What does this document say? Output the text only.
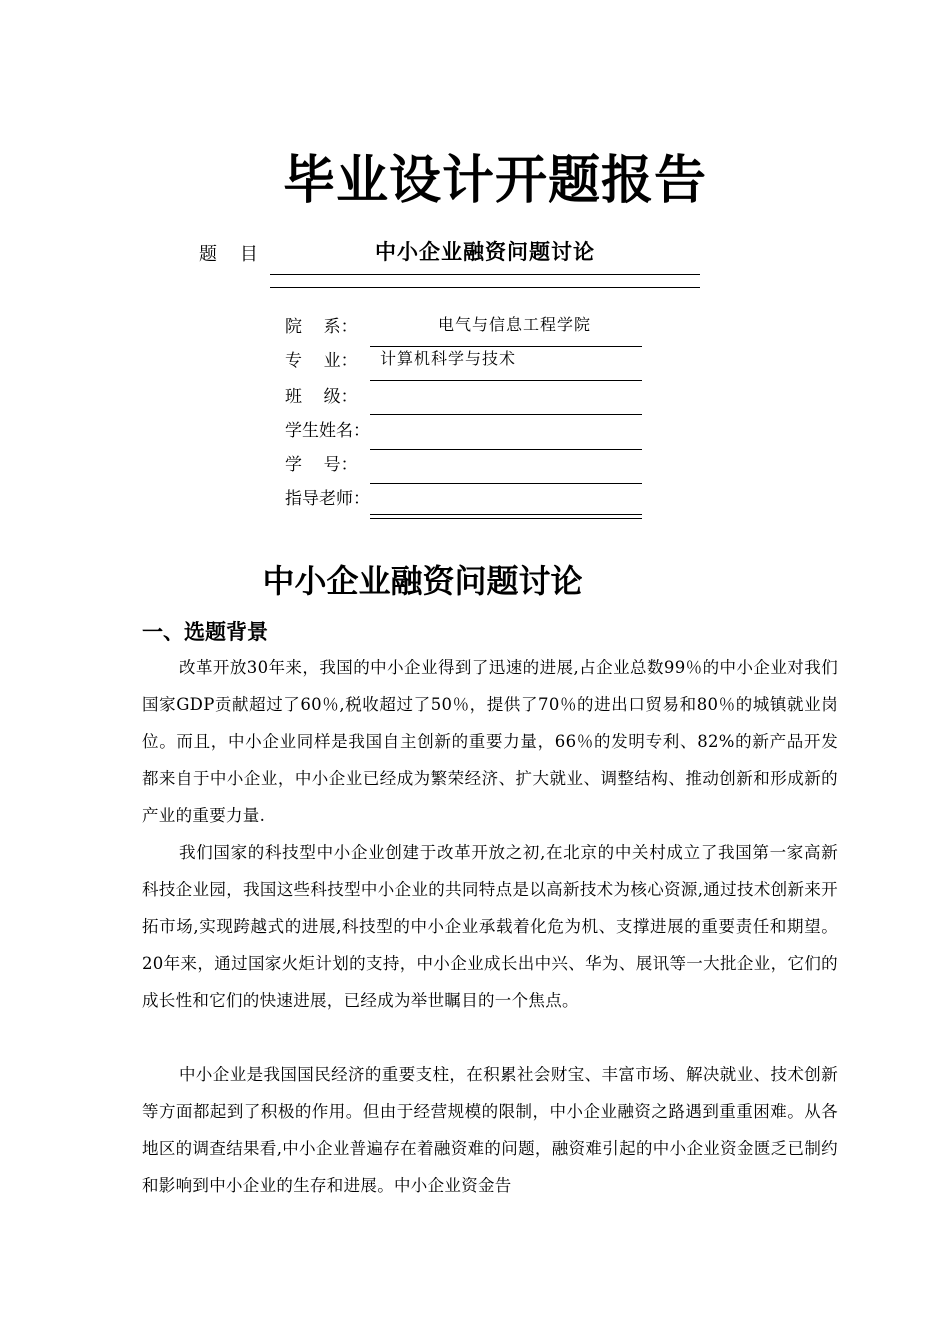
毕业设计开题报告
题    目	中小企业融资问题讨论
院    系：	电气与信息工程学院
专    业：	计算机科学与技术
班    级：
学生姓名：
学    号：
指导老师：
中小企业融资问题讨论
一、选题背景

改革开放30年来，我国的中小企业得到了迅速的进展,占企业总数99％的中小企业对我们国家GDP贡献超过了60％,税收超过了50％，提供了70％的进出口贸易和80％的城镇就业岗位。而且，中小企业同样是我国自主创新的重要力量，66％的发明专利、82%的新产品开发都来自于中小企业，中小企业已经成为繁荣经济、扩大就业、调整结构、推动创新和形成新的产业的重要力量.

我们国家的科技型中小企业创建于改革开放之初,在北京的中关村成立了我国第一家高新科技企业园，我国这些科技型中小企业的共同特点是以高新技术为核心资源,通过技术创新来开拓市场,实现跨越式的进展,科技型的中小企业承载着化危为机、支撑进展的重要责任和期望。20年来，通过国家火炬计划的支持，中小企业成长出中兴、华为、展讯等一大批企业，它们的成长性和它们的快速进展，已经成为举世瞩目的一个焦点。

中小企业是我国国民经济的重要支柱，在积累社会财宝、丰富市场、解决就业、技术创新等方面都起到了积极的作用。但由于经营规模的限制，中小企业融资之路遇到重重困难。从各地区的调查结果看,中小企业普遍存在着融资难的问题，融资难引起的中小企业资金匮乏已制约和影响到中小企业的生存和进展。中小企业资金告
